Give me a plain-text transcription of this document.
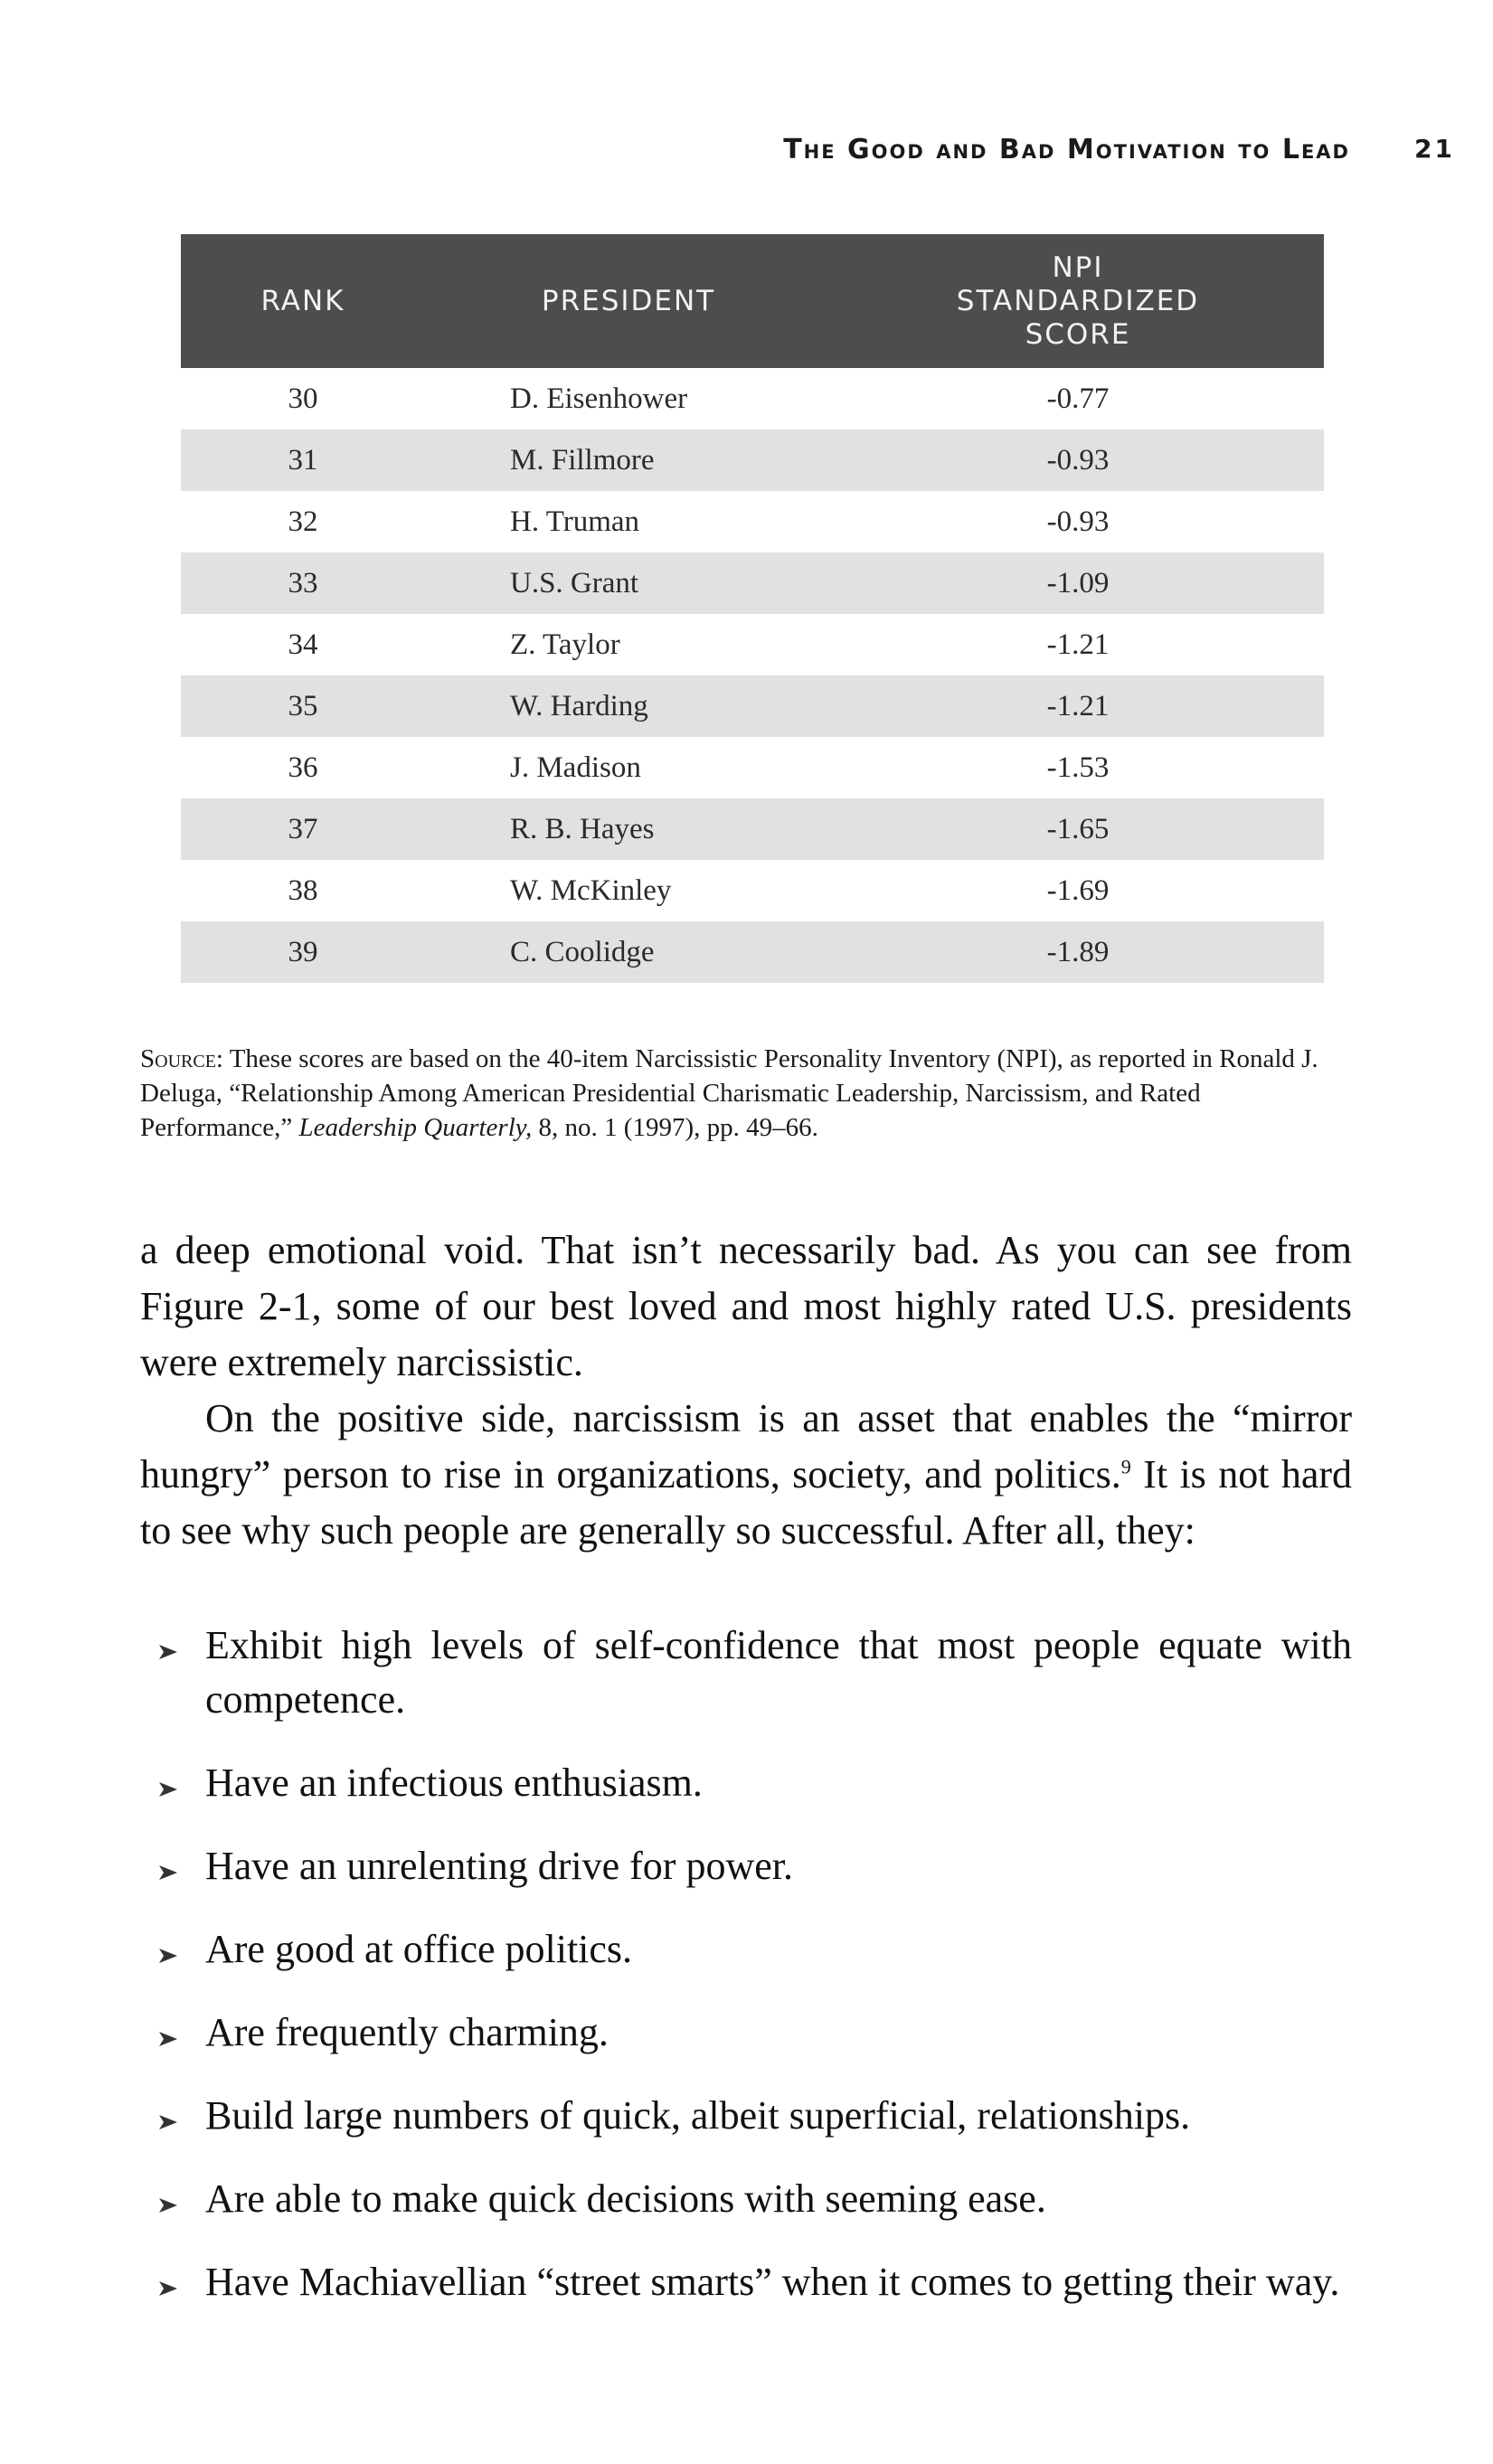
The Good and Bad Motivation to Lead	21
RANK	PRESIDENT	NPI
STANDARDIZED
SCORE

30	D. Eisenhower	-0.77
31	M. Fillmore	-0.93
32	H. Truman	-0.93
33	U.S. Grant	-1.09
34	Z. Taylor	-1.21
35	W. Harding	-1.21
36	J. Madison	-1.53
37	R. B. Hayes	-1.65
38	W. McKinley	-1.69
39	C. Coolidge	-1.89
Source: These scores are based on the 40-item Narcissistic Personality Inventory (NPI), as reported in Ronald J. Deluga, “Relationship Among American Presidential Charismatic Leadership, Narcissism, and Rated Performance,” Leadership Quarterly, 8, no. 1 (1997), pp. 49–66.

a deep emotional void. That isn’t necessarily bad. As you can see from Figure 2-1, some of our best loved and most highly rated U.S. presidents were extremely narcissistic.

On the positive side, narcissism is an asset that enables the “mirror hungry” person to rise in organizations, society, and politics.$^9$ It is not hard to see why such people are generally so successful. After all, they:

Exhibit high levels of self-confidence that most people equate with competence.
Have an infectious enthusiasm.
Have an unrelenting drive for power.
Are good at office politics.
Are frequently charming.
Build large numbers of quick, albeit superficial, relationships.
Are able to make quick decisions with seeming ease.
Have Machiavellian “street smarts” when it comes to getting their way.
